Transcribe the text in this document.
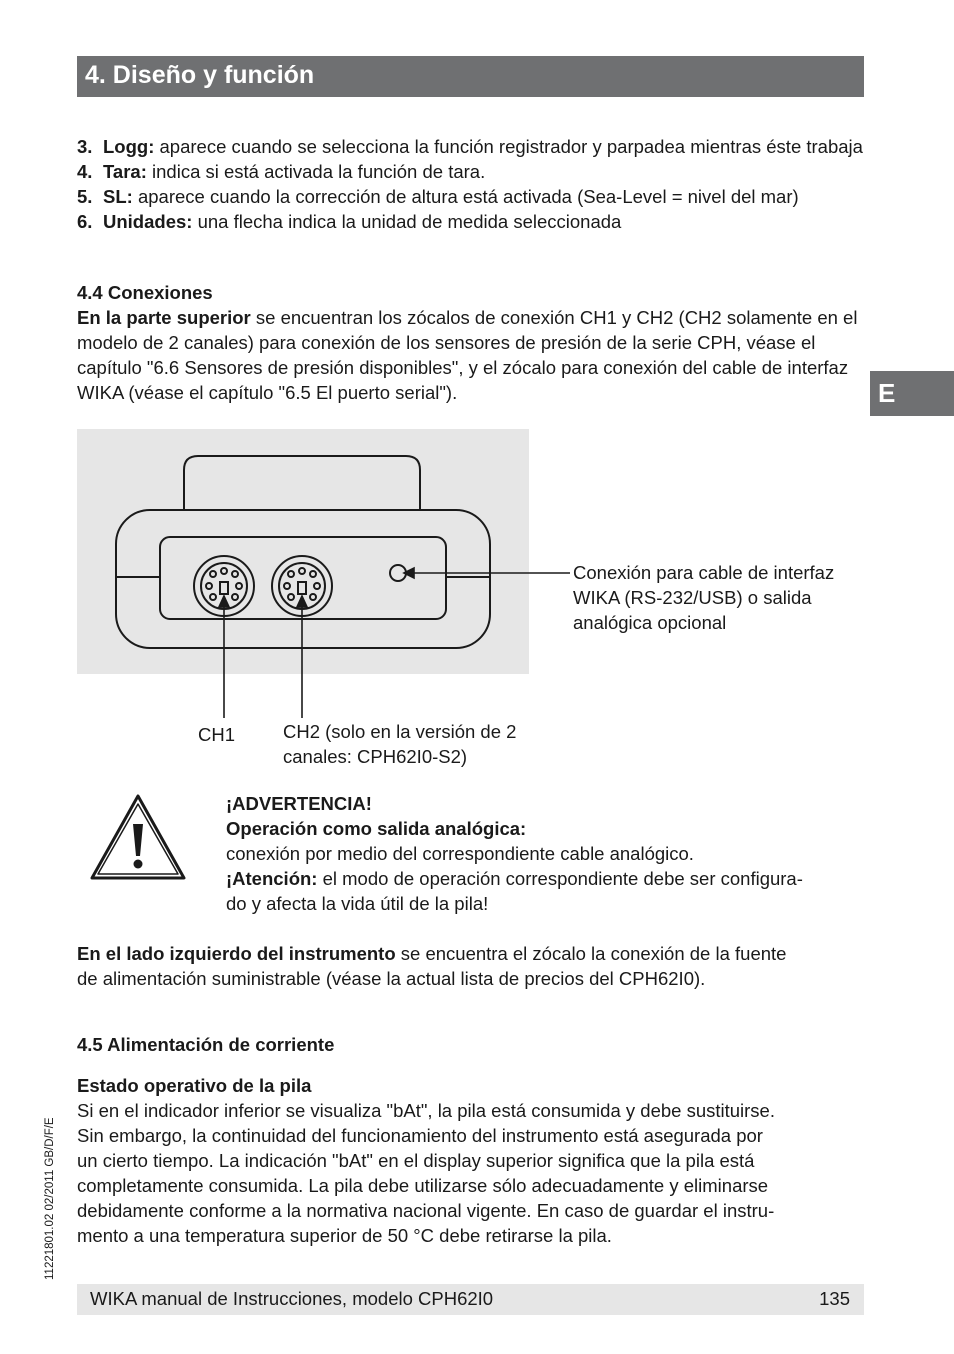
4. Diseño y función
E
3. Logg: aparece cuando se selecciona la función registrador y parpadea mientras éste trabaja
4. Tara: indica si está activada la función de tara.
5. SL: aparece cuando la corrección de altura está activada (Sea-Level = nivel del mar)
6. Unidades: una flecha indica la unidad de medida seleccionada
4.4 Conexiones
En la parte superior se encuentran los zócalos de conexión CH1 y CH2 (CH2 solamente en el modelo de 2 canales) para conexión de los sensores de presión de la serie CPH, véase el capítulo "6.6 Sensores de presión disponibles", y el zócalo para conexión del cable de interfaz WIKA (véase el capítulo "6.5 El puerto serial").
Conexión para cable de interfaz
WIKA (RS-232/USB) o salida
analógica opcional
CH1	CH2 (solo en la versión de 2
canales: CPH62I0-S2)
¡ADVERTENCIA!
Operación como salida analógica:
conexión por medio del correspondiente cable analógico.
¡Atención: el modo de operación correspondiente debe ser configura-
do y afecta la vida útil de la pila!
En el lado izquierdo del instrumento se encuentra el zócalo la conexión de la fuente
de alimentación suministrable (véase la actual lista de precios del CPH62I0).
4.5 Alimentación de corriente
Estado operativo de la pila
Si en el indicador inferior se visualiza "bAt", la pila está consumida y debe sustituirse.
Sin embargo, la continuidad del funcionamiento del instrumento está asegurada por
un cierto tiempo. La indicación "bAt" en el display superior significa que la pila está
completamente consumida. La pila debe utilizarse sólo adecuadamente y eliminarse
debidamente conforme a la normativa nacional vigente. En caso de guardar el instru-
mento a una temperatura superior de 50 °C debe retirarse la pila.
11221801.02 02/2011 GB/D/F/E
WIKA manual de Instrucciones, modelo CPH62I0	135
